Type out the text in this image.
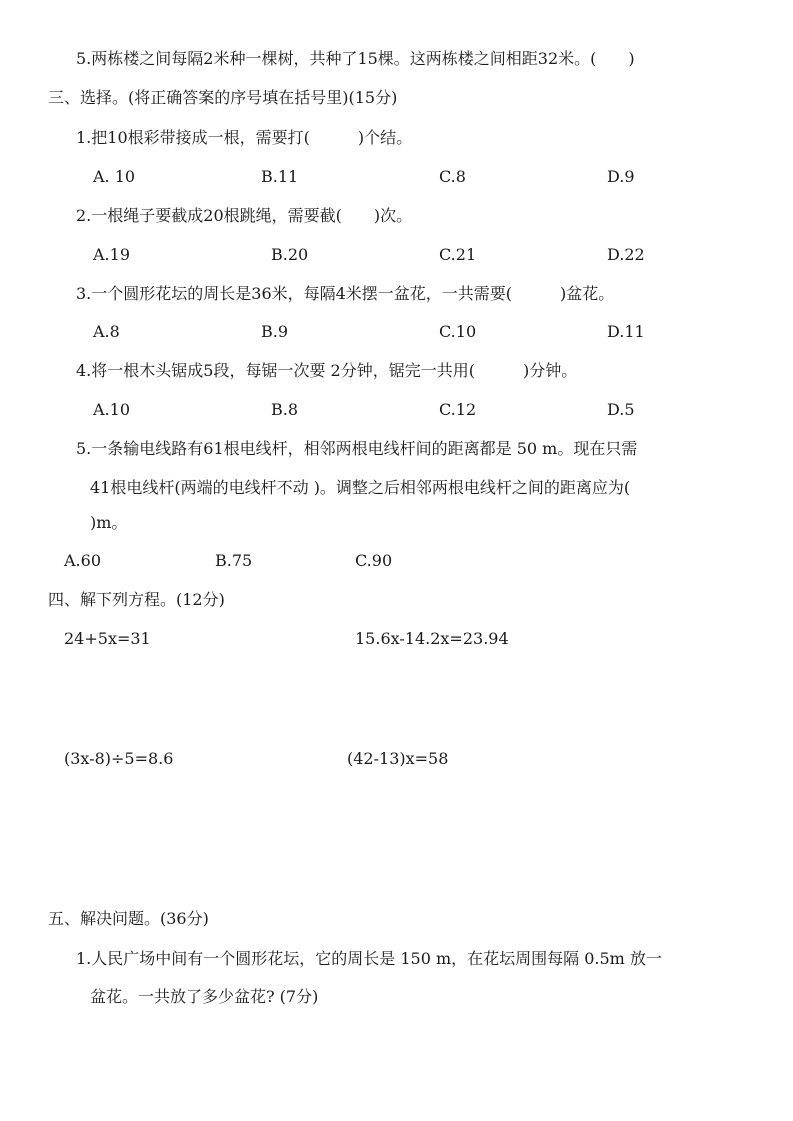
5.两栋楼之间每隔2米种一棵树，共种了15棵。这两栋楼之间相距32米。(　　)
三、选择。(将正确答案的序号填在括号里)(15分)
1.把10根彩带接成一根，需要打(　　　)个结。
A. 10	B.11	C.8	D.9
2.一根绳子要截成20根跳绳，需要截(　　)次。
A.19	B.20	C.21	D.22
3.一个圆形花坛的周长是36米，每隔4米摆一盆花，一共需要(　　　)盆花。
A.8	B.9	C.10	D.11
4.将一根木头锯成5段，每锯一次要 2分钟，锯完一共用(　　　)分钟。
A.10	B.8	C.12	D.5
5.一条输电线路有61根电线杆，相邻两根电线杆间的距离都是 50 m。现在只需
41根电线杆(两端的电线杆不动 )。调整之后相邻两根电线杆之间的距离应为(
)m。
A.60	B.75	C.90
四、解下列方程。(12分)
24+5x=31	15.6x-14.2x=23.94
(3x-8)÷5=8.6	(42-13)x=58
五、解决问题。(36分)
1.人民广场中间有一个圆形花坛，它的周长是 150 m，在花坛周围每隔 0.5m 放一
盆花。一共放了多少盆花? (7分)
